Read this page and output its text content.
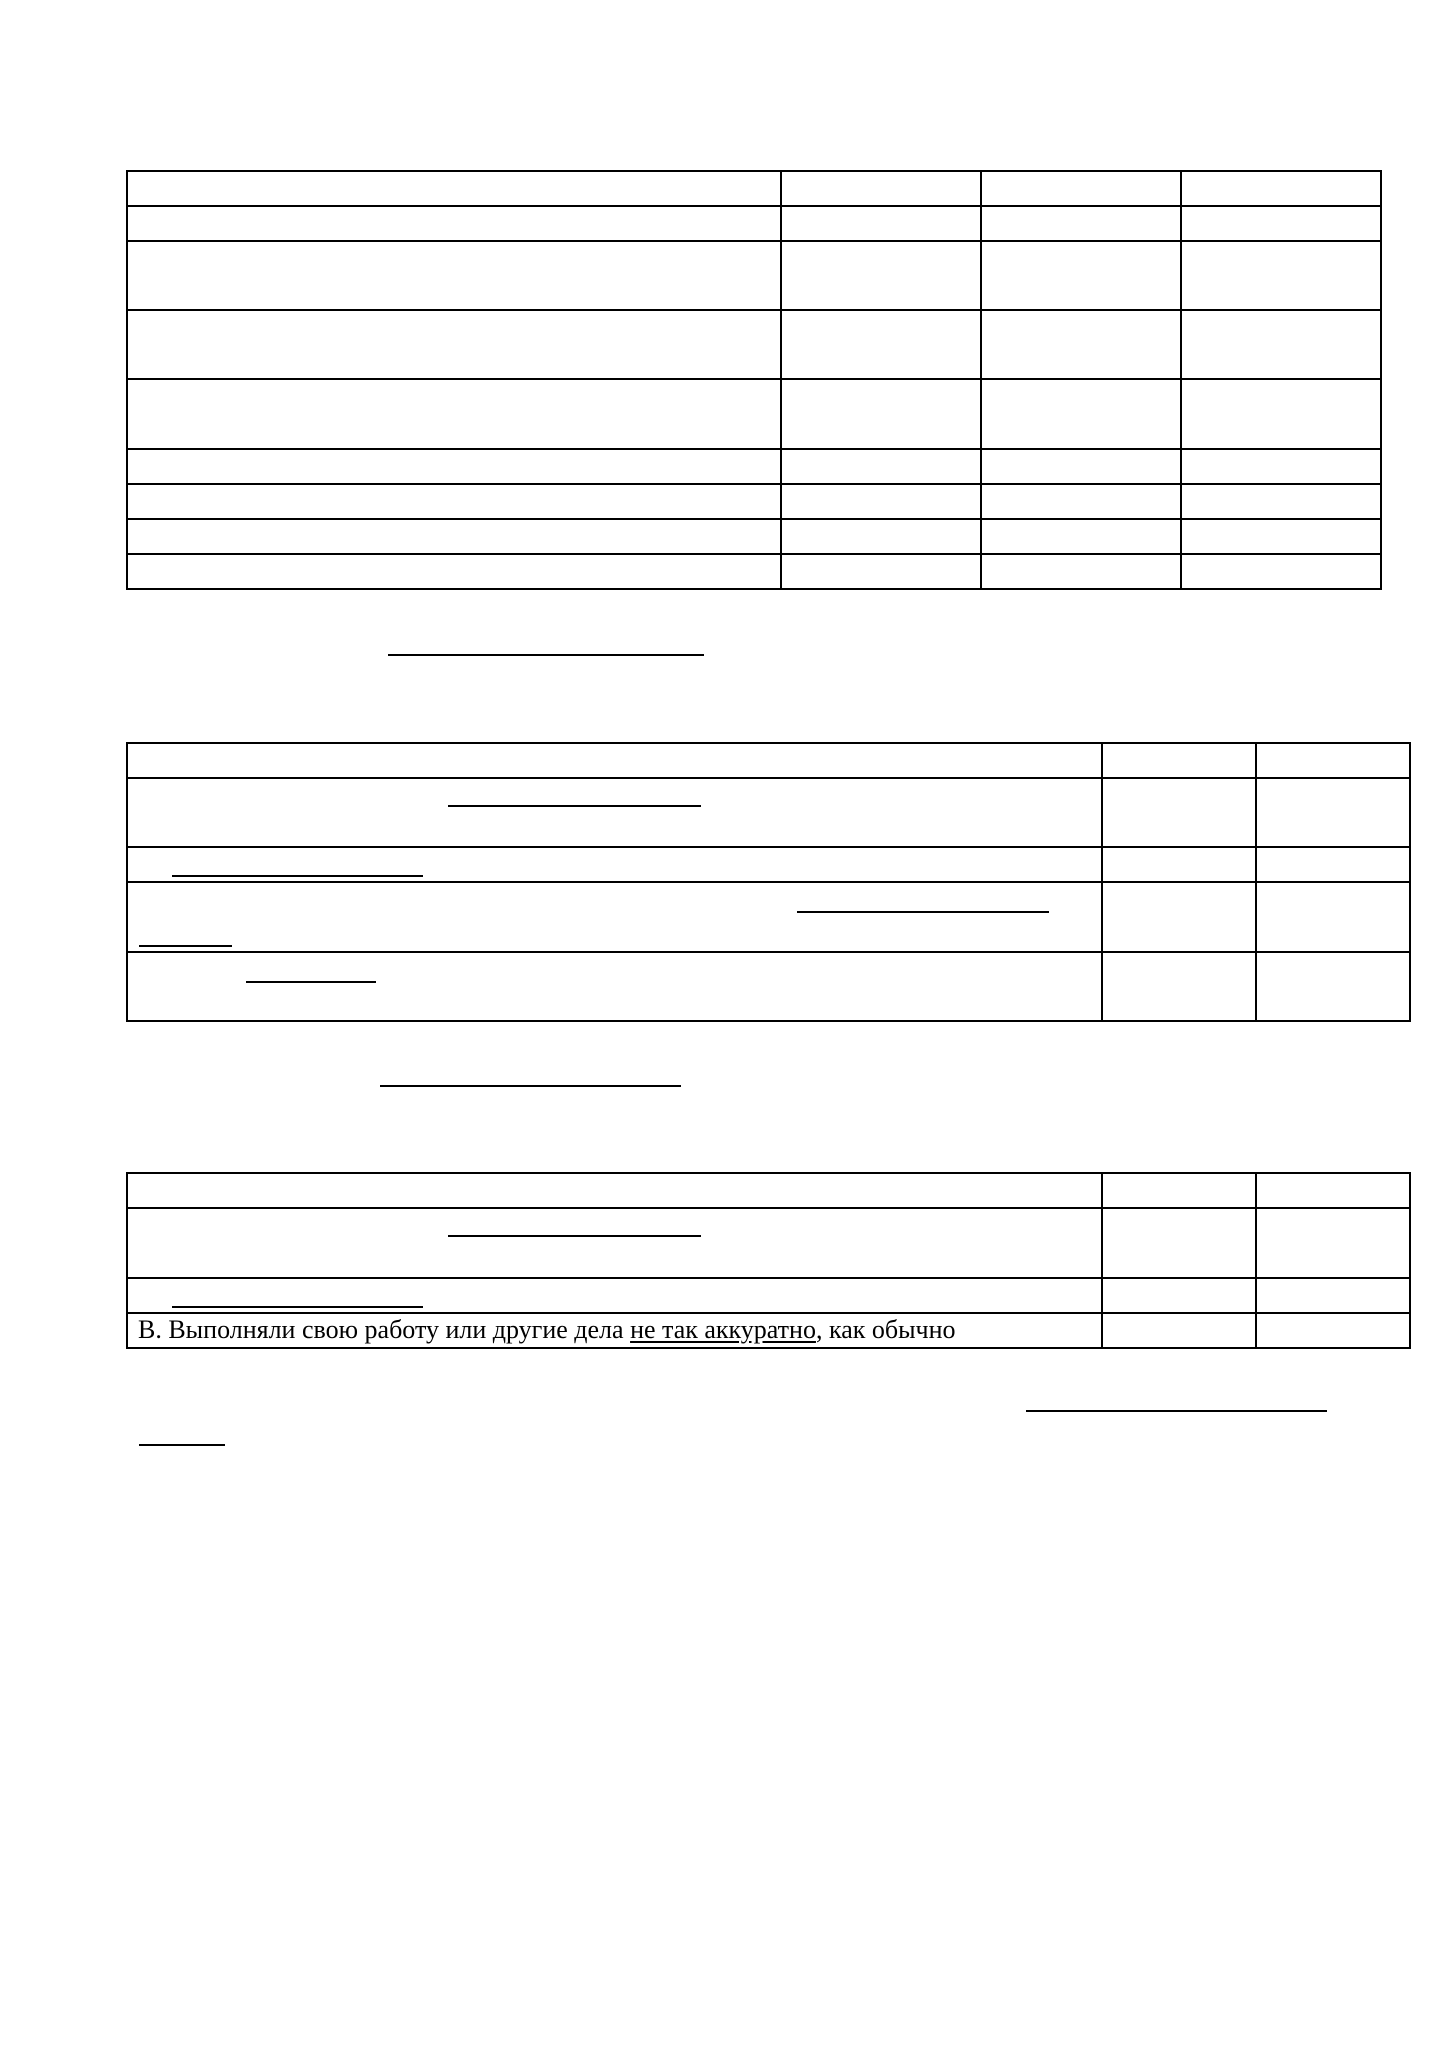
В. Выполняли свою работу или другие дела не так аккуратно, как обычно		
